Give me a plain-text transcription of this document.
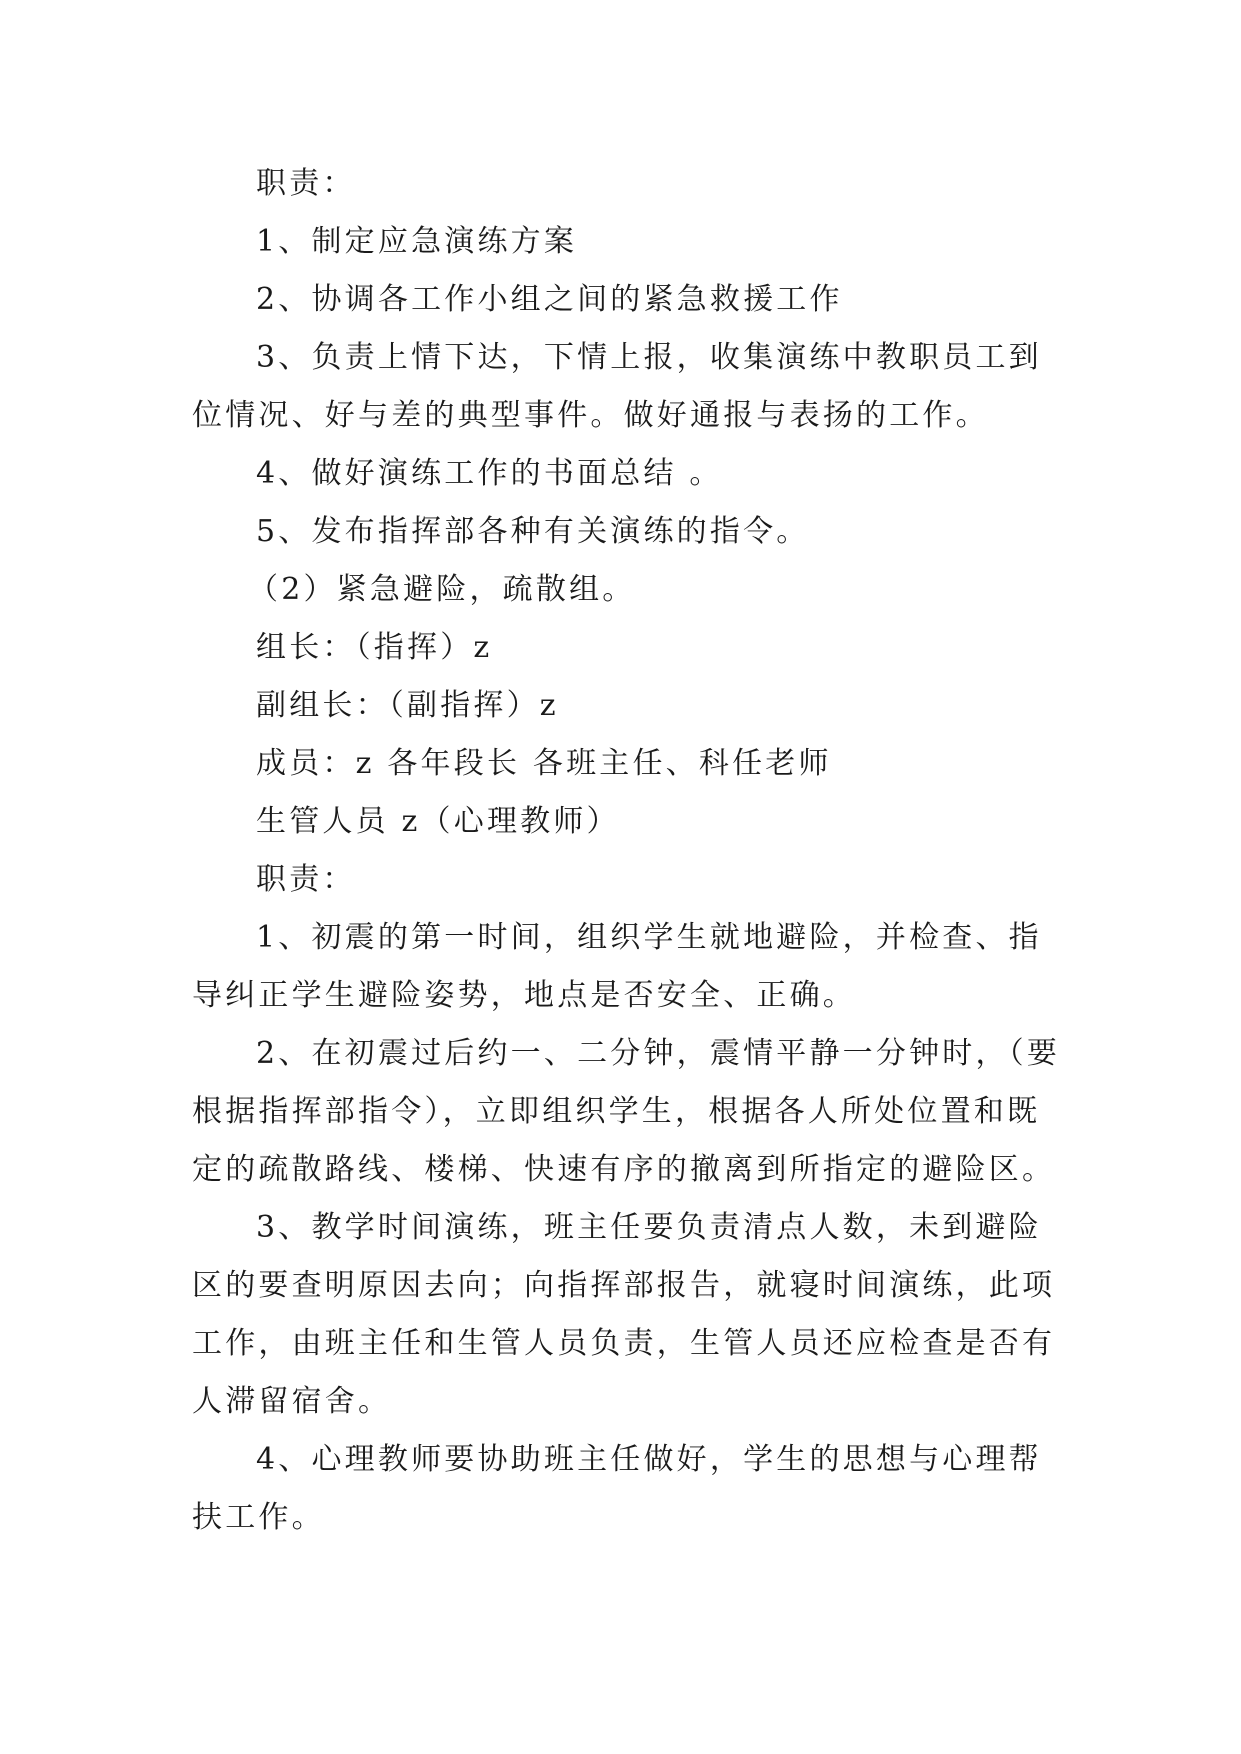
职责：

1、制定应急演练方案

2、协调各工作小组之间的紧急救援工作

3、负责上情下达，下情上报，收集演练中教职员工到位情况、好与差的典型事件。做好通报与表扬的工作。

4、做好演练工作的书面总结 。

5、发布指挥部各种有关演练的指令。

（2）紧急避险，疏散组。

组长：（指挥）z

副组长：（副指挥）z

成员：z 各年段长 各班主任、科任老师

生管人员 z（心理教师）

职责：

1、初震的第一时间，组织学生就地避险，并检查、指导纠正学生避险姿势，地点是否安全、正确。

2、在初震过后约一、二分钟，震情平静一分钟时，（要根据指挥部指令），立即组织学生，根据各人所处位置和既定的疏散路线、楼梯、快速有序的撤离到所指定的避险区。

3、教学时间演练，班主任要负责清点人数，未到避险区的要查明原因去向；向指挥部报告，就寝时间演练，此项工作，由班主任和生管人员负责，生管人员还应检查是否有人滞留宿舍。

4、心理教师要协助班主任做好，学生的思想与心理帮扶工作。
